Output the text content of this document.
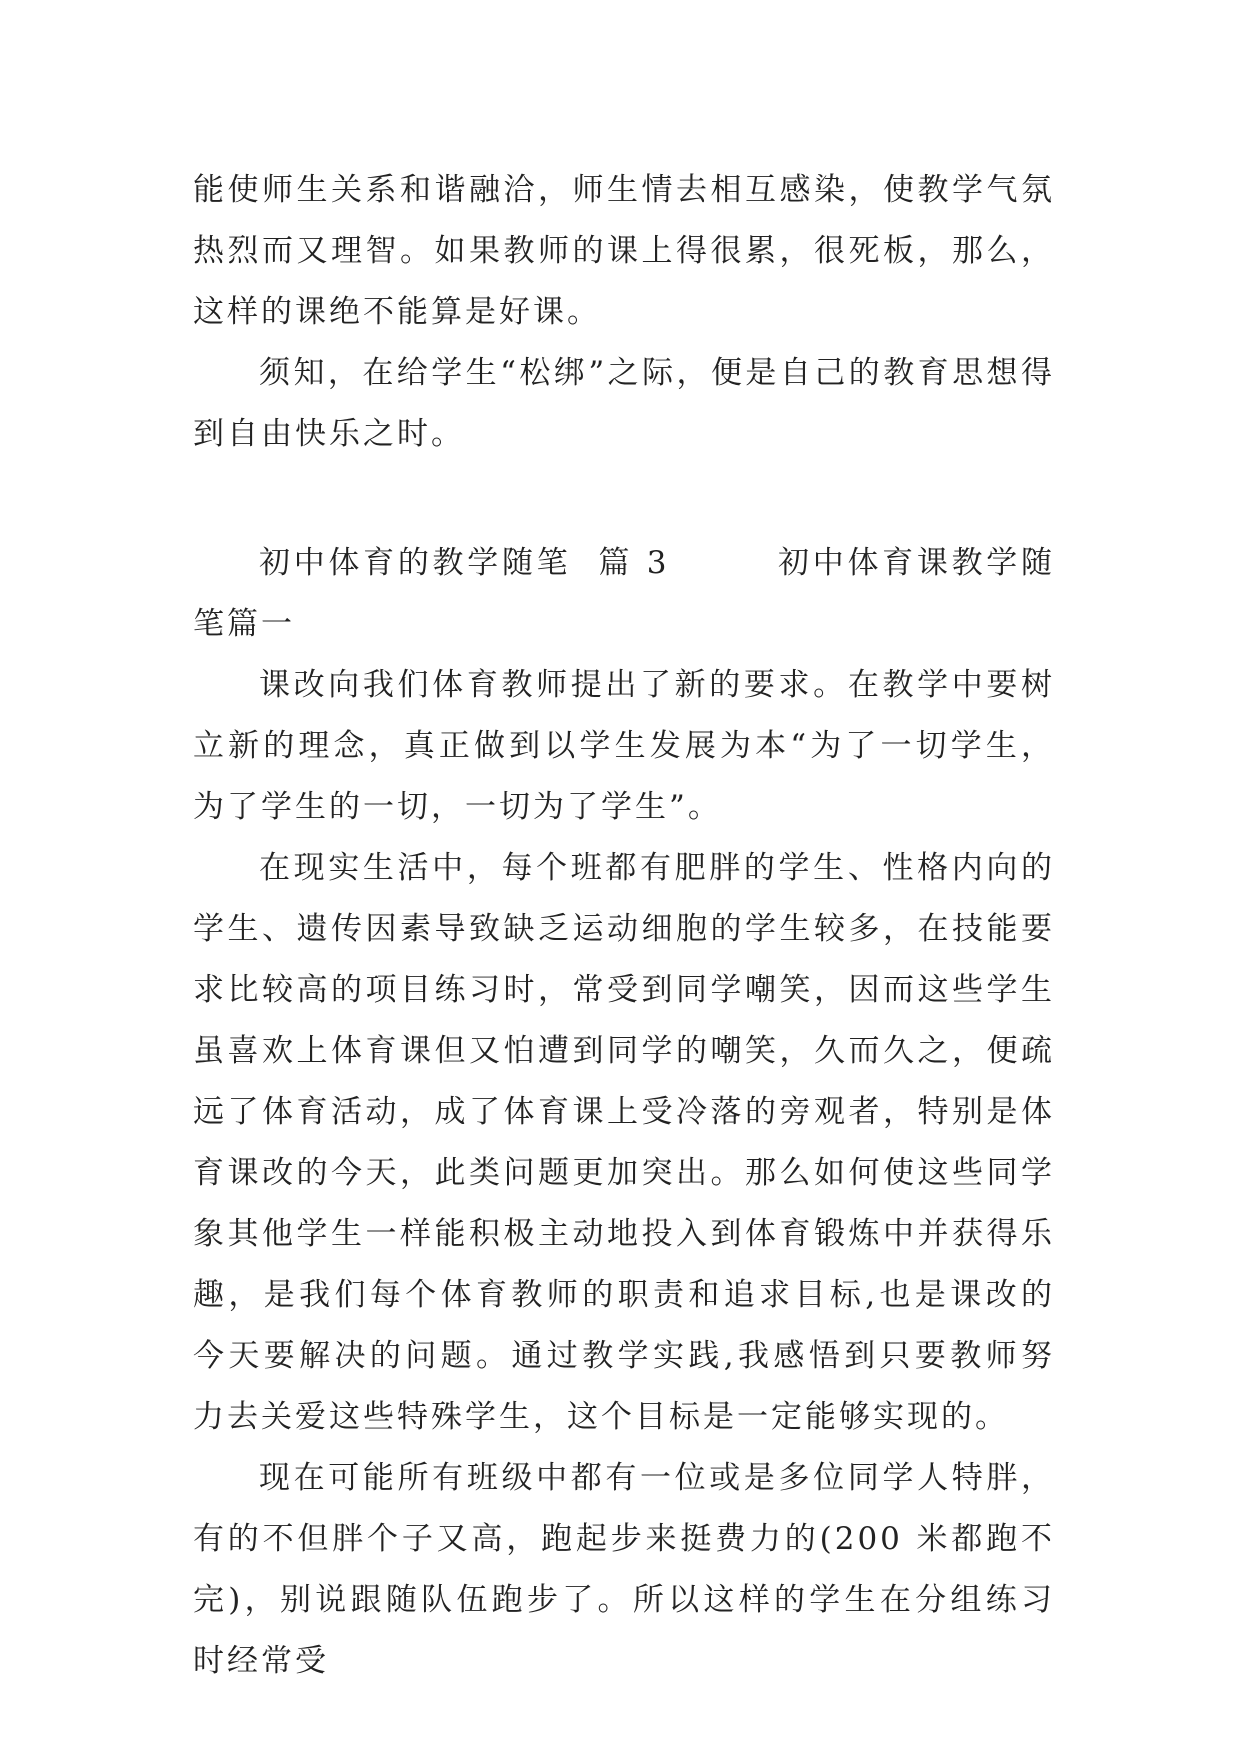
能使师生关系和谐融洽，师生情去相互感染，使教学气氛热烈而又理智。如果教师的课上得很累，很死板，那么，这样的课绝不能算是好课。

须知，在给学生“松绑”之际，便是自己的教育思想得到自由快乐之时。

初中体育的教学随笔  篇 3        初中体育课教学随笔篇一

课改向我们体育教师提出了新的要求。在教学中要树立新的理念，真正做到以学生发展为本“为了一切学生，为了学生的一切，一切为了学生”。

在现实生活中，每个班都有肥胖的学生、性格内向的学生、遗传因素导致缺乏运动细胞的学生较多，在技能要求比较高的项目练习时，常受到同学嘲笑，因而这些学生虽喜欢上体育课但又怕遭到同学的嘲笑，久而久之，便疏远了体育活动，成了体育课上受冷落的旁观者，特别是体育课改的今天，此类问题更加突出。那么如何使这些同学象其他学生一样能积极主动地投入到体育锻炼中并获得乐趣，是我们每个体育教师的职责和追求目标,也是课改的今天要解决的问题。通过教学实践,我感悟到只要教师努力去关爱这些特殊学生，这个目标是一定能够实现的。

现在可能所有班级中都有一位或是多位同学人特胖，有的不但胖个子又高，跑起步来挺费力的(200 米都跑不完)，别说跟随队伍跑步了。所以这样的学生在分组练习时经常受
